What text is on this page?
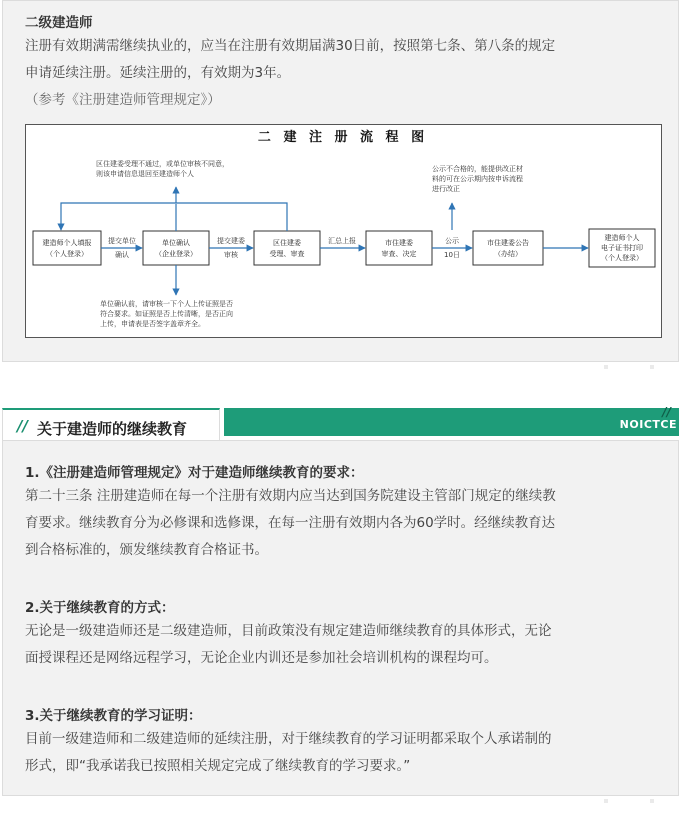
二级建造师
注册有效期满需继续执业的，应当在注册有效期届满30日前，按照第七条、第八条的规定
申请延续注册。延续注册的，有效期为3年。
（参考《注册建造师管理规定》）
二 建 注 册 流 程 图
建造师个人填报
（个人登录）
单位确认
（企业登录）
区住建委
受理、审查
市住建委
审查、决定
市住建委公告
（办结）
建造师个人
电子证书打印
（个人登录）
提交单位
确认
提交建委
审核
汇总上报	公示
10日
区住建委受理不通过，或单位审核不同意，
则该申请信息退回至建造师个人
公示不合格的，能提供改正材
料的可在公示期内按申诉流程
进行改正
单位确认前，请审核一下个人上传证照是否
符合要求。如证照是否上传清晰，是否正向
上传，申请表是否签字盖章齐全。
// 关于建造师的继续教育
//
NOICTCE
1.《注册建造师管理规定》对于建造师继续教育的要求：
第二十三条 注册建造师在每一个注册有效期内应当达到国务院建设主管部门规定的继续教
育要求。继续教育分为必修课和选修课，在每一注册有效期内各为60学时。经继续教育达
到合格标准的，颁发继续教育合格证书。
2.关于继续教育的方式：
无论是一级建造师还是二级建造师，目前政策没有规定建造师继续教育的具体形式，无论
面授课程还是网络远程学习，无论企业内训还是参加社会培训机构的课程均可。
3.关于继续教育的学习证明：
目前一级建造师和二级建造师的延续注册，对于继续教育的学习证明都采取个人承诺制的
形式，即“我承诺我已按照相关规定完成了继续教育的学习要求。”
